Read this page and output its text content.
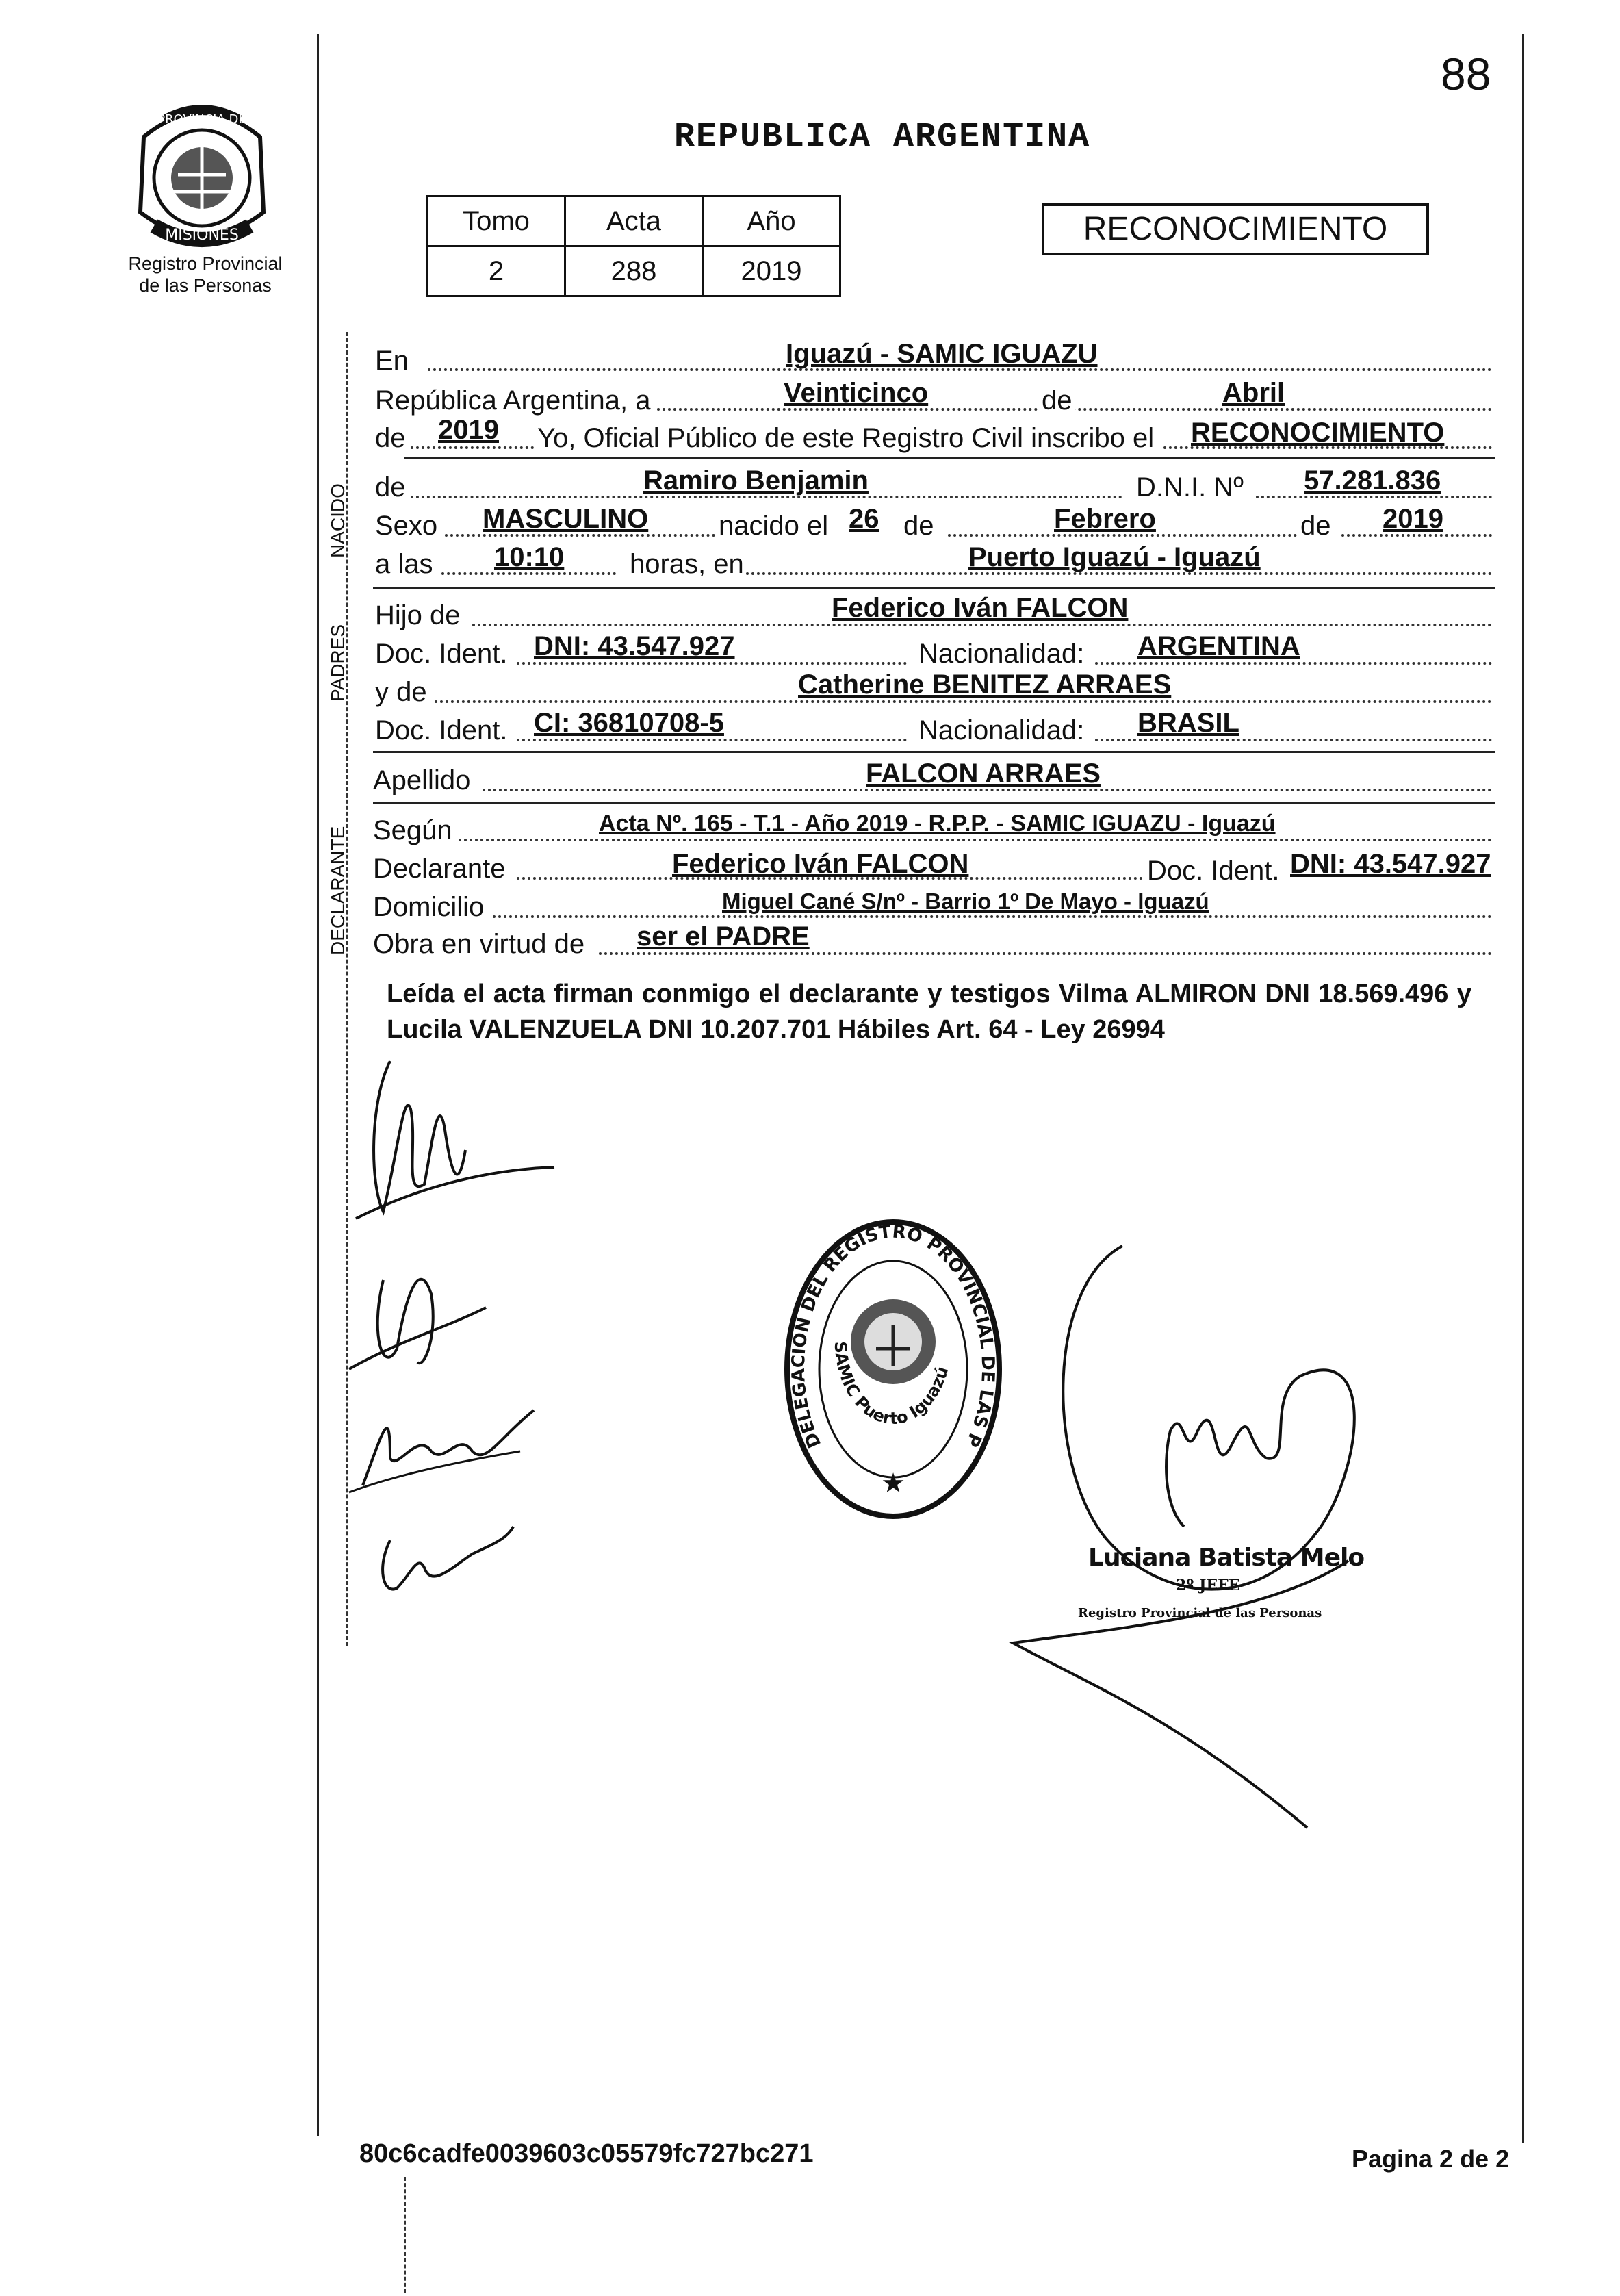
88
PROVINCIA DE
MISIONES
Registro Provincial
de las Personas
REPUBLICA ARGENTINA
Tomo	Acta	Año
2	288	2019
RECONOCIMIENTO
En	Iguazú - SAMIC IGUAZU
República Argentina, a	Veinticinco	de	Abril
de 2019 Yo, Oficial Público de este Registro Civil inscribo el RECONOCIMIENTO
NACIDO de	Ramiro Benjamin	D.N.I. Nº 57.281.836
Sexo MASCULINO	nacido el 26 de	Febrero	de 2019
a las 10:10 horas, en	Puerto Iguazú - Iguazú
PADRES
Hijo de	Federico Iván FALCON
Doc. Ident. DNI: 43.547.927	Nacionalidad: ARGENTINA
y de	Catherine BENITEZ ARRAES
Doc. Ident. CI: 36810708-5	Nacionalidad: BRASIL
Apellido	FALCON ARRAES
DECLARANTE Según	Acta Nº. 165 - T.1 - Año 2019 - R.P.P. - SAMIC IGUAZU - Iguazú
Declarante	Federico Iván FALCON	Doc. Ident. DNI: 43.547.927
Domicilio	Miguel Cané S/nº - Barrio 1º De Mayo - Iguazú
Obra en virtud de ser el PADRE
Leída el acta firman conmigo el declarante y testigos Vilma ALMIRON DNI 18.569.496 y Lucila VALENZUELA DNI 10.207.701 Hábiles Art. 64 - Ley 26994
DELEGACION DEL REGISTRO PROVINCIAL DE LAS P
SAMIC Puerto Iguazú
★
Luciana Batista Melo
2º JEFE
Registro Provincial de las Personas
80c6cadfe0039603c05579fc727bc271	Pagina 2 de 2
